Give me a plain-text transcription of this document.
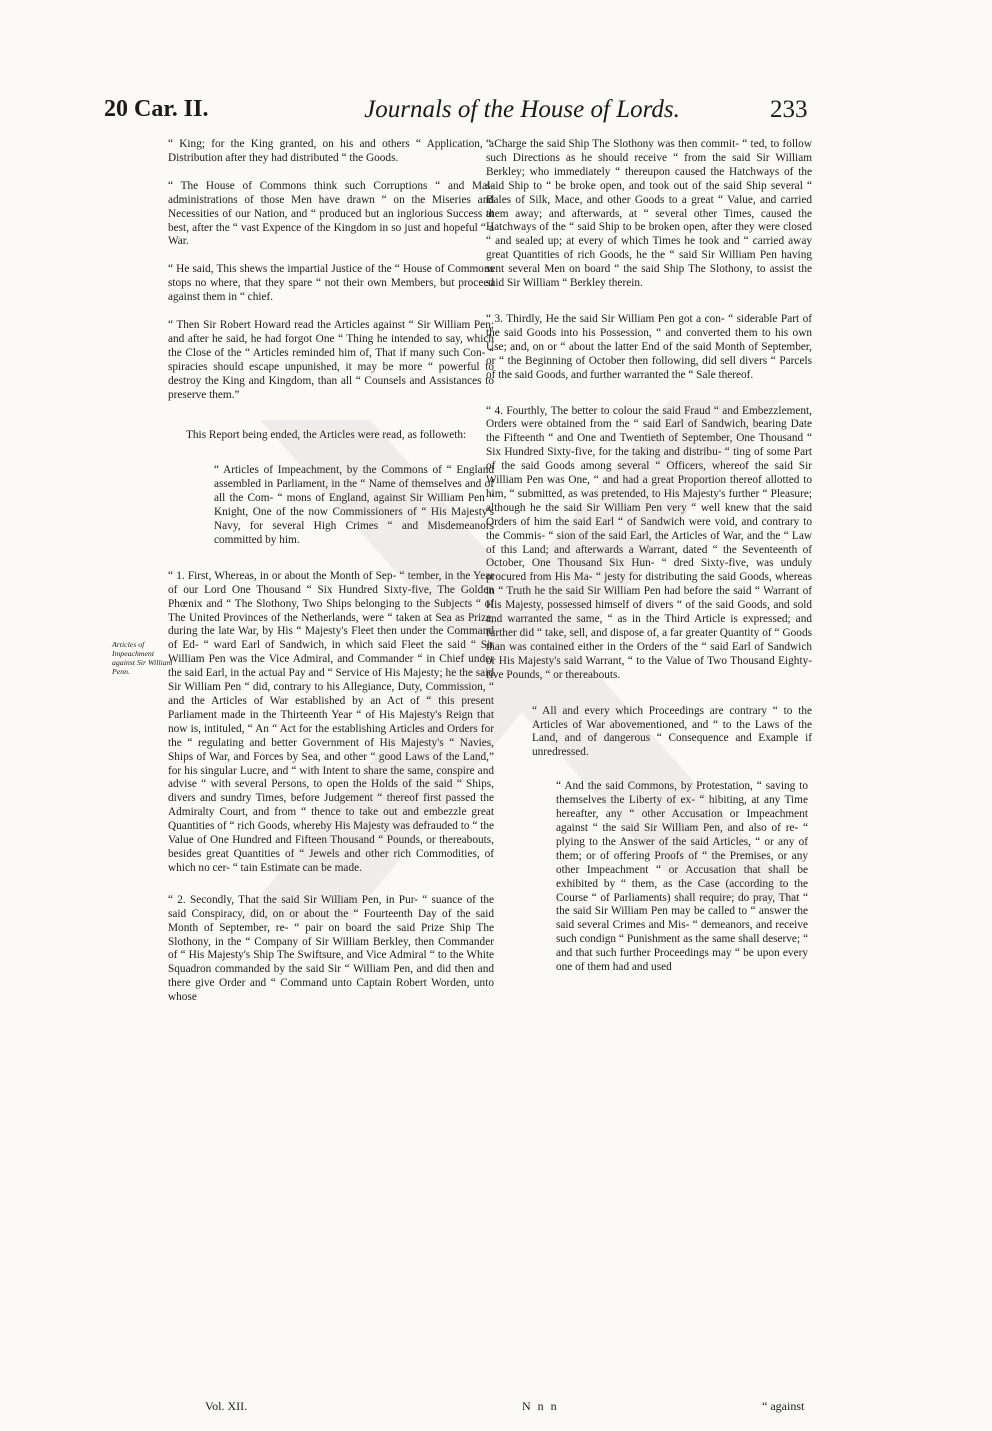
20 Car. II.	Journals of the House of Lords.	233
Articles of Impeachment against Sir William Penn.

“ King; for the King granted, on his and others “ Application, a Distribution after they had distributed “ the Goods.

“ The House of Commons think such Corruptions “ and Mal-administrations of those Men have drawn “ on the Miseries and Necessities of our Nation, and “ produced but an inglorious Success at best, after the “ vast Expence of the Kingdom in so just and hopeful “ a War.

“ He said, This shews the impartial Justice of the “ House of Commons stops no where, that they spare “ not their own Members, but proceed against them in “ chief.

“ Then Sir Robert Howard read the Articles against “ Sir William Pen; and after he said, he had forgot One “ Thing he intended to say, which the Close of the “ Articles reminded him of, That if many such Con- “ spiracies should escape unpunished, it may be more “ powerful to destroy the King and Kingdom, than all “ Counsels and Assistances to preserve them.”

This Report being ended, the Articles were read, as followeth:

“ Articles of Impeachment, by the Commons of “ England assembled in Parliament, in the “ Name of themselves and of all the Com- “ mons of England, against Sir William Pen “ Knight, One of the now Commissioners of “ His Majesty's Navy, for several High Crimes “ and Misdemeanors committed by him.

“ 1. First, Whereas, in or about the Month of Sep- “ tember, in the Year of our Lord One Thousand “ Six Hundred Sixty-five, The Golden Phœnix and “ The Slothony, Two Ships belonging to the Subjects “ of The United Provinces of the Netherlands, were “ taken at Sea as Prize, during the late War, by His “ Majesty's Fleet then under the Command of Ed- “ ward Earl of Sandwich, in which said Fleet the said “ Sir William Pen was the Vice Admiral, and Commander “ in Chief under the said Earl, in the actual Pay and “ Service of His Majesty; he the said Sir William Pen “ did, contrary to his Allegiance, Duty, Commission, “ and the Articles of War established by an Act of “ this present Parliament made in the Thirteenth Year “ of His Majesty's Reign that now is, intituled, “ An “ Act for the establishing Articles and Orders for the “ regulating and better Government of His Majesty's “ Navies, Ships of War, and Forces by Sea, and other “ good Laws of the Land,” for his singular Lucre, and “ with Intent to share the same, conspire and advise “ with several Persons, to open the Holds of the said “ Ships, divers and sundry Times, before Judgement “ thereof first passed the Admiralty Court, and from “ thence to take out and embezzle great Quantities of “ rich Goods, whereby His Majesty was defrauded to “ the Value of One Hundred and Fifteen Thousand “ Pounds, or thereabouts, besides great Quantities of “ Jewels and other rich Commodities, of which no cer- “ tain Estimate can be made.

“ 2. Secondly, That the said Sir William Pen, in Pur- “ suance of the said Conspiracy, did, on or about the “ Fourteenth Day of the said Month of September, re- “ pair on board the said Prize Ship The Slothony, in the “ Company of Sir William Berkley, then Commander of “ His Majesty's Ship The Swiftsure, and Vice Admiral “ to the White Squadron commanded by the said Sir “ William Pen, and did then and there give Order and “ Command unto Captain Robert Worden, unto whose

“ Charge the said Ship The Slothony was then commit- “ ted, to follow such Directions as he should receive “ from the said Sir William Berkley; who immediately “ thereupon caused the Hatchways of the said Ship to “ be broke open, and took out of the said Ship several “ Bales of Silk, Mace, and other Goods to a great “ Value, and carried them away; and afterwards, at “ several other Times, caused the Hatchways of the “ said Ship to be broken open, after they were closed “ and sealed up; at every of which Times he took and “ carried away great Quantities of rich Goods, he the “ said Sir William Pen having sent several Men on board “ the said Ship The Slothony, to assist the said Sir William “ Berkley therein.

“ 3. Thirdly, He the said Sir William Pen got a con- “ siderable Part of the said Goods into his Possession, “ and converted them to his own Use; and, on or “ about the latter End of the said Month of September, or “ the Beginning of October then following, did sell divers “ Parcels of the said Goods, and further warranted the “ Sale thereof.

“ 4. Fourthly, The better to colour the said Fraud “ and Embezzlement, Orders were obtained from the “ said Earl of Sandwich, bearing Date the Fifteenth “ and One and Twentieth of September, One Thousand “ Six Hundred Sixty-five, for the taking and distribu- “ ting of some Part of the said Goods among several “ Officers, whereof the said Sir William Pen was One, “ and had a great Proportion thereof allotted to him, “ submitted, as was pretended, to His Majesty's further “ Pleasure; although he the said Sir William Pen very “ well knew that the said Orders of him the said Earl “ of Sandwich were void, and contrary to the Commis- “ sion of the said Earl, the Articles of War, and the “ Law of this Land; and afterwards a Warrant, dated “ the Seventeenth of October, One Thousand Six Hun- “ dred Sixty-five, was unduly procured from His Ma- “ jesty for distributing the said Goods, whereas in “ Truth he the said Sir William Pen had before the said “ Warrant of His Majesty, possessed himself of divers “ of the said Goods, and sold and warranted the same, “ as in the Third Article is expressed; and further did “ take, sell, and dispose of, a far greater Quantity of “ Goods than was contained either in the Orders of the “ said Earl of Sandwich or His Majesty's said Warrant, “ to the Value of Two Thousand Eighty-five Pounds, “ or thereabouts.

“ All and every which Proceedings are contrary “ to the Articles of War abovementioned, and “ to the Laws of the Land, and of dangerous “ Consequence and Example if unredressed.

“ And the said Commons, by Protestation, “ saving to themselves the Liberty of ex- “ hibiting, at any Time hereafter, any “ other Accusation or Impeachment against “ the said Sir William Pen, and also of re- “ plying to the Answer of the said Articles, “ or any of them; or of offering Proofs of “ the Premises, or any other Impeachment “ or Accusation that shall be exhibited by “ them, as the Case (according to the Course “ of Parliaments) shall require; do pray, That “ the said Sir William Pen may be called to “ answer the said several Crimes and Mis- “ demeanors, and receive such condign “ Punishment as the same shall deserve; “ and that such further Proceedings may “ be upon every one of them had and used

Vol. XII.	N n n	“ against
